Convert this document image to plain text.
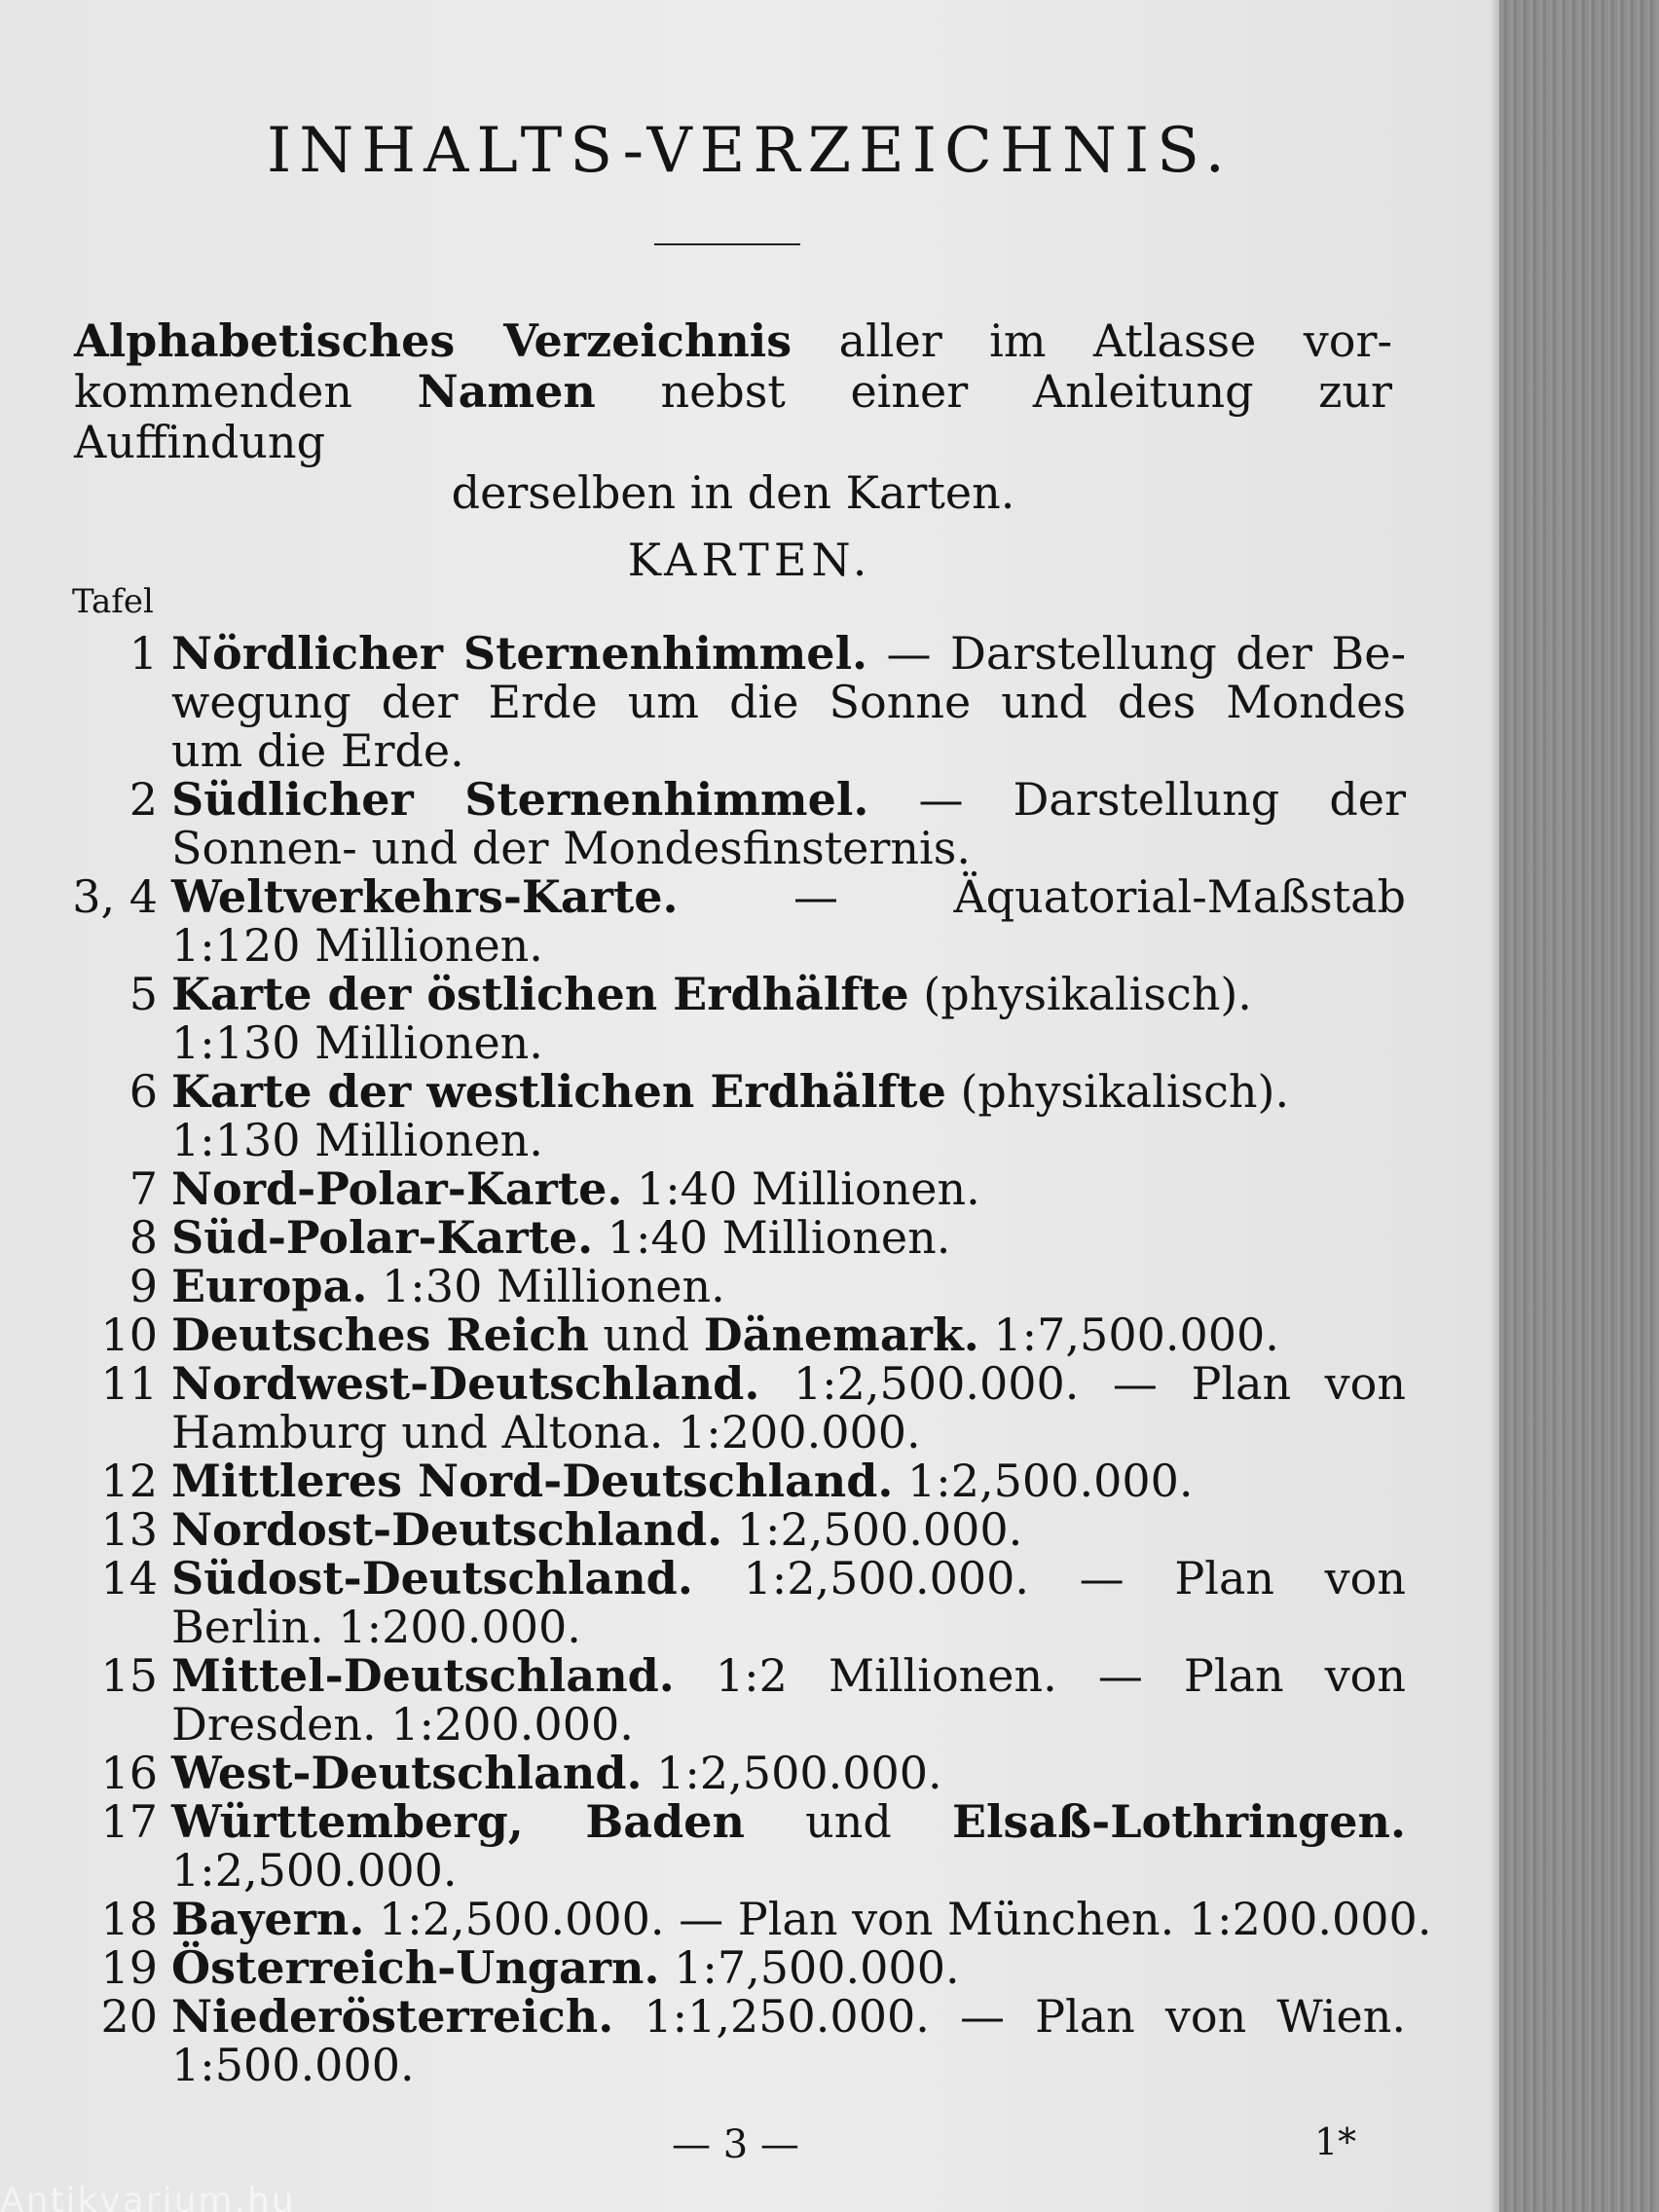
INHALTS-VERZEICHNIS.

Alphabetisches Verzeichnis aller im Atlasse vor-

kommenden Namen nebst einer Anleitung zur Auffindung

derselben in den Karten.

KARTEN.
Tafel
1 Nördlicher Sternenhimmel. — Darstellung der Be-
wegung der Erde um die Sonne und des Mondes
um die Erde.
2 Südlicher Sternenhimmel. — Darstellung der
Sonnen- und der Mondesfinsternis.
3, 4 Weltverkehrs-Karte. — Äquatorial-Maßstab
1:120 Millionen.
5 Karte der östlichen Erdhälfte (physikalisch).
1:130 Millionen.
6 Karte der westlichen Erdhälfte (physikalisch).
1:130 Millionen.
7 Nord-Polar-Karte. 1:40 Millionen.
8 Süd-Polar-Karte. 1:40 Millionen.
9 Europa. 1:30 Millionen.
10 Deutsches Reich und Dänemark. 1:7,500.000.
11 Nordwest-Deutschland. 1:2,500.000. — Plan von
Hamburg und Altona. 1:200.000.
12 Mittleres Nord-Deutschland. 1:2,500.000.
13 Nordost-Deutschland. 1:2,500.000.
14 Südost-Deutschland. 1:2,500.000. — Plan von
Berlin. 1:200.000.
15 Mittel-Deutschland. 1:2 Millionen. — Plan von
Dresden. 1:200.000.
16 West-Deutschland. 1:2,500.000.
17 Württemberg, Baden und Elsaß-Lothringen.
1:2,500.000.
18 Bayern. 1:2,500.000. — Plan von München. 1:200.000.
19 Österreich-Ungarn. 1:7,500.000.
20 Niederösterreich. 1:1,250.000. — Plan von Wien.
1:500.000.
— 3 —	1*
Antikvarium.hu
